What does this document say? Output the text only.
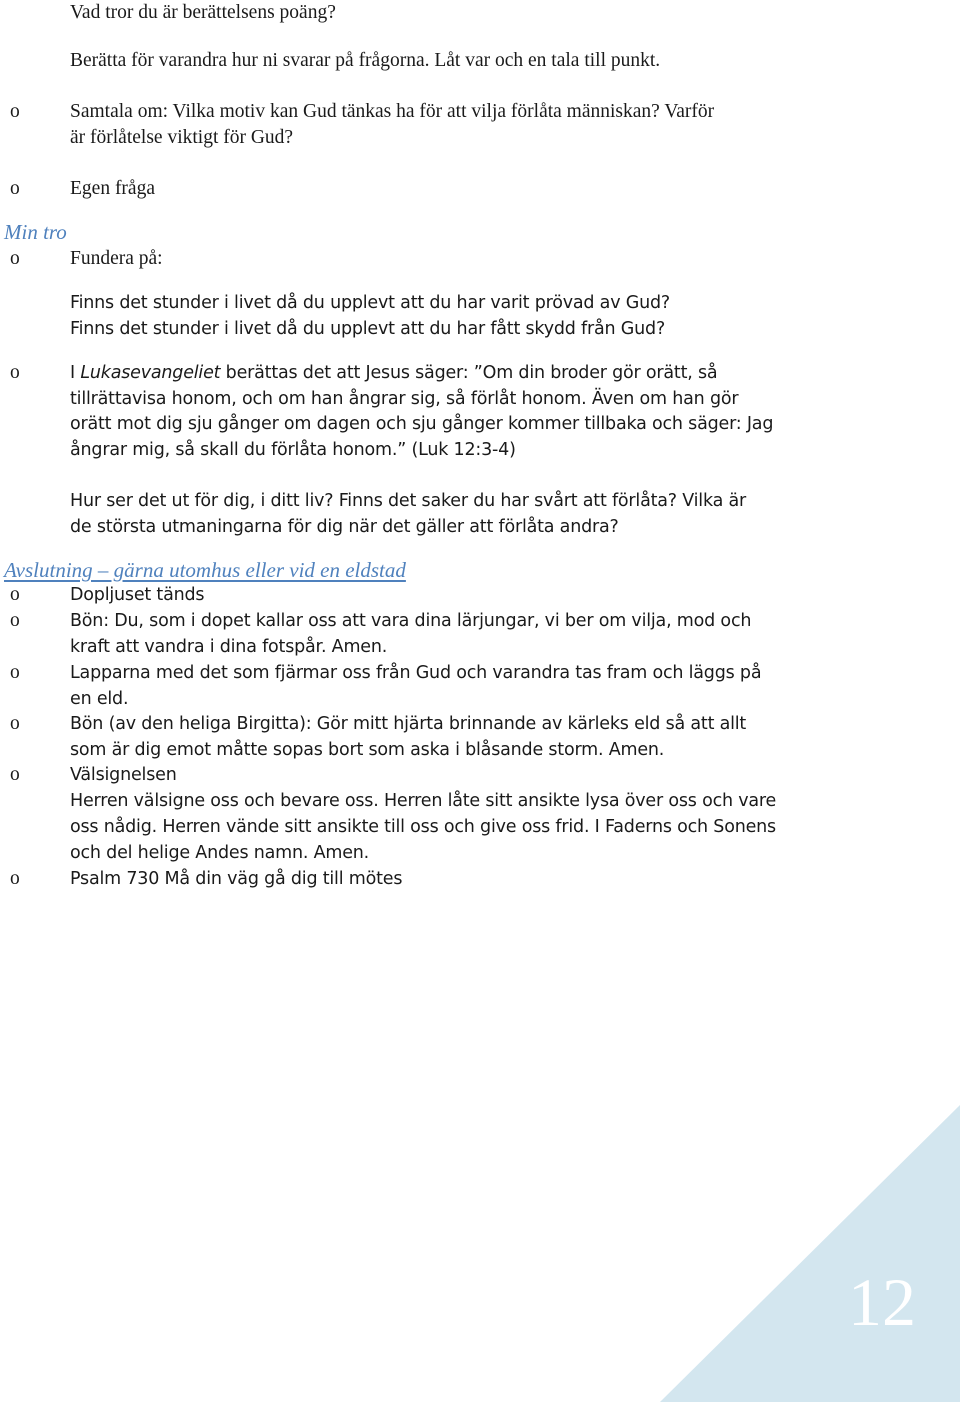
Vad tror du är berättelsens poäng?
Berätta för varandra hur ni svarar på frågorna. Låt var och en tala till punkt.
o	Samtala om: Vilka motiv kan Gud tänkas ha för att vilja förlåta människan? Varför
är förlåtelse viktigt för Gud?
o	Egen fråga
Min tro
o	Fundera på:
Finns det stunder i livet då du upplevt att du har varit prövad av Gud?
Finns det stunder i livet då du upplevt att du har fått skydd från Gud?
o	I Lukasevangeliet berättas det att Jesus säger: ”Om din broder gör orätt, så
tillrättavisa honom, och om han ångrar sig, så förlåt honom. Även om han gör
orätt mot dig sju gånger om dagen och sju gånger kommer tillbaka och säger: Jag
ångrar mig, så skall du förlåta honom.” (Luk 12:3-4)
Hur ser det ut för dig, i ditt liv? Finns det saker du har svårt att förlåta? Vilka är
de största utmaningarna för dig när det gäller att förlåta andra?
Avslutning – gärna utomhus eller vid en eldstad
o	Dopljuset tänds
o	Bön: Du, som i dopet kallar oss att vara dina lärjungar, vi ber om vilja, mod och
kraft att vandra i dina fotspår. Amen.
o	Lapparna med det som fjärmar oss från Gud och varandra tas fram och läggs på
en eld.
o	Bön (av den heliga Birgitta): Gör mitt hjärta brinnande av kärleks eld så att allt
som är dig emot måtte sopas bort som aska i blåsande storm. Amen.
o	Välsignelsen
Herren välsigne oss och bevare oss. Herren låte sitt ansikte lysa över oss och vare
oss nådig. Herren vände sitt ansikte till oss och give oss frid. I Faderns och Sonens
och del helige Andes namn. Amen.
o	Psalm 730 Må din väg gå dig till mötes
12
